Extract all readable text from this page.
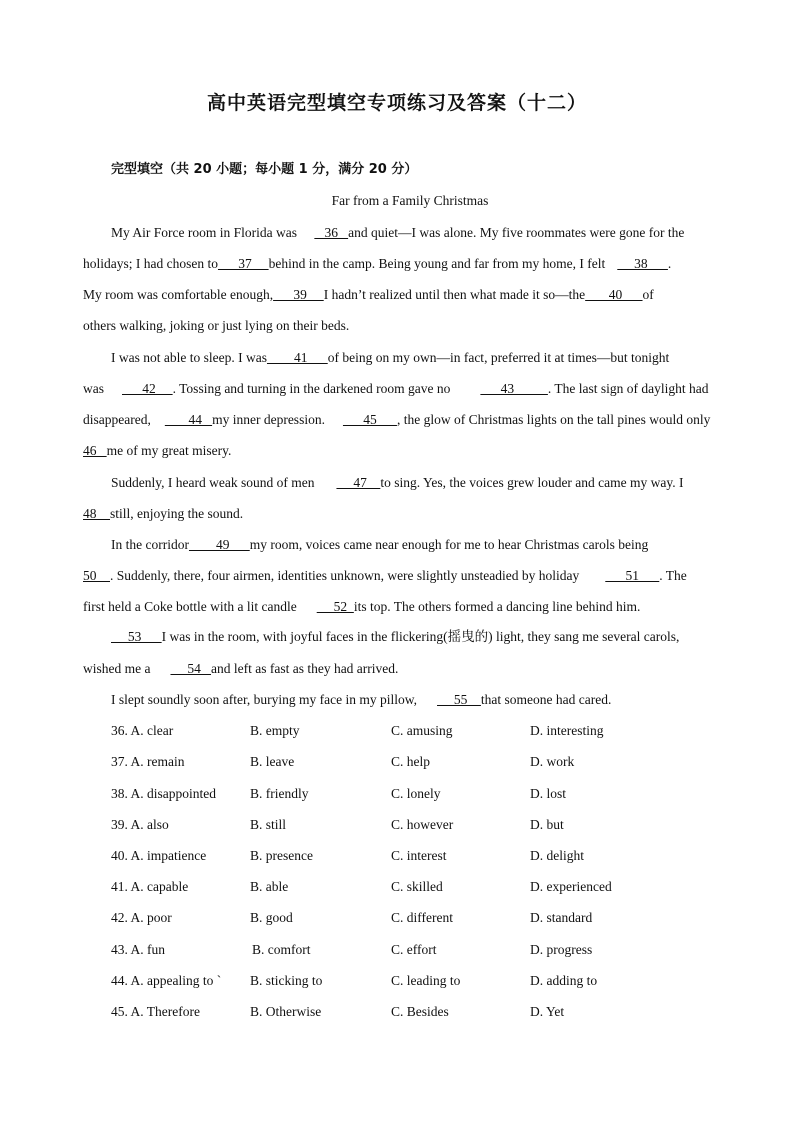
高中英语完型填空专项练习及答案（十二）
完型填空（共 20 小题；每小题 1 分，满分 20 分）
Far from a Family Christmas
My Air Force room in Florida was    36   and quiet—I was alone. My five roommates were gone for the
holidays; I had chosen to      37     behind in the camp. Being young and far from my home, I felt     38      .
My room was comfortable enough,      39     I hadn’t realized until then what made it so—the       40      of
others walking, joking or just lying on their beds.
I was not able to sleep. I was        41      of being on my own—in fact, preferred it at times—but tonight
was      42     . Tossing and turning in the darkened room gave no      43          . The last sign of daylight had
disappeared,       44   my inner depression.      45      , the glow of Christmas lights on the tall pines would only
46   me of my great misery.
Suddenly, I heard weak sound of men     47    to sing. Yes, the voices grew louder and came my way. I
48    still, enjoying the sound.
In the corridor        49      my room, voices came near enough for me to hear Christmas carols being
50    . Suddenly, there, four airmen, identities unknown, were slightly unsteadied by holiday      51      . The
first held a Coke bottle with a lit candle     52  its top. The others formed a dancing line behind him.
53      I was in the room, with joyful faces in the flickering(摇曳的) light, they sang me several carols,
wished me a     54   and left as fast as they had arrived.
I slept soundly soon after, burying my face in my pillow,     55    that someone had cared.
36. A. clear	B. empty	C. amusing	D. interesting
37. A. remain	B. leave	C. help	D. work
38. A. disappointed	B. friendly	C. lonely	D. lost
39. A. also	B. still	C. however	D. but
40. A. impatience	B. presence	C. interest	D. delight
41. A. capable	B. able	C. skilled	D. experienced
42. A. poor	B. good	C. different	D. standard
43. A. fun	B. comfort	C. effort	D. progress
44. A. appealing to ` B. sticking to	C. leading to	D. adding to
45. A. Therefore	B. Otherwise	C. Besides	D. Yet
